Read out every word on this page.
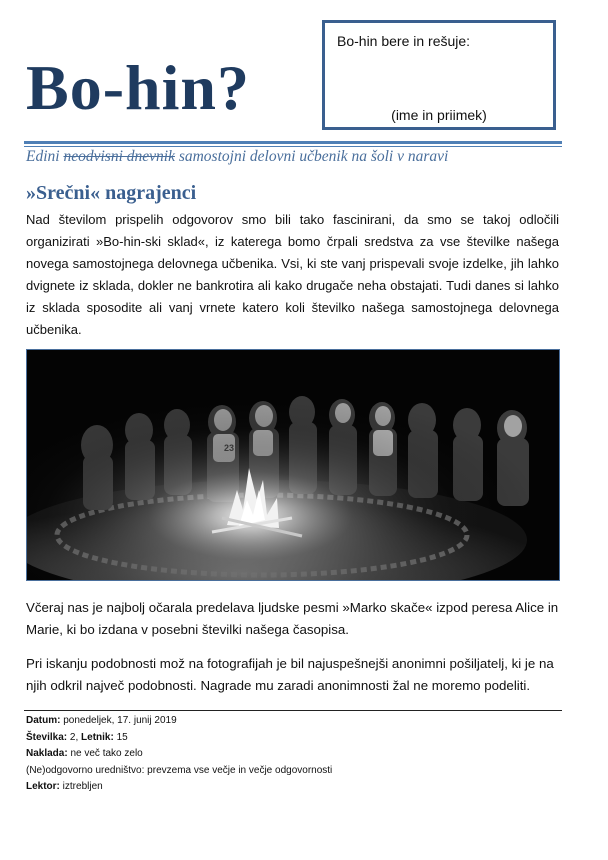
Bo-hin?
Bo-hin bere in rešuje:
(ime in priimek)
Edini neodvisni dnevnik samostojni delovni učbenik na šoli v naravi
»Srečni« nagrajenci

Nad številom prispelih odgovorov smo bili tako fascinirani, da smo se takoj odločili organizirati »Bo-hin-ski sklad«, iz katerega bomo črpali sredstva za vse številke našega novega samostojnega delovnega učbenika. Vsi, ki ste vanj prispevali svoje izdelke, jih lahko dvignete iz sklada, dokler ne bankrotira ali kako drugače neha obstajati. Tudi danes si lahko iz sklada sposodite ali vanj vrnete katero koli številko našega samostojnega delovnega učbenika.

Včeraj nas je najbolj očarala predelava ljudske pesmi »Marko skače« izpod peresa Alice in Marie, ki bo izdana v posebni številki našega časopisa.

Pri iskanju podobnosti mož na fotografijah je bil najuspešnejši anonimni pošiljatelj, ki je na njih odkril največ podobnosti. Nagrade mu zaradi anonimnosti žal ne moremo podeliti.

Datum: ponedeljek, 17. junij 2019
Številka: 2, Letnik: 15
Naklada: ne več tako zelo
(Ne)odgovorno uredništvo: prevzema vse večje in večje odgovornosti
Lektor: iztrebljen
